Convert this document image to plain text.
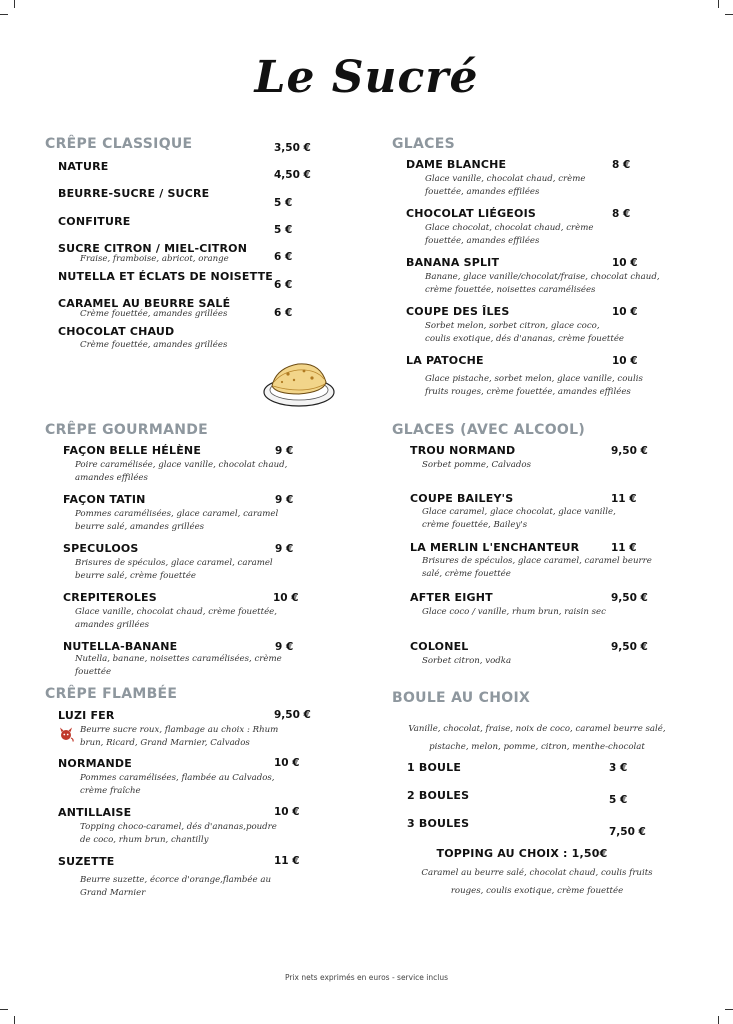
Le Sucré
CRÊPE CLASSIQUE
NATURE
3,50 €
BEURRE-SUCRE / SUCRE
4,50 €
CONFITURE
5 €
SUCRE CITRON / MIEL-CITRON
Fraise, framboise, abricot, orange
5 €
NUTELLA ET ÉCLATS DE NOISETTE
6 €
CARAMEL AU BEURRE SALÉ
Crème fouettée, amandes grillées
6 €
CHOCOLAT CHAUD
Crème fouettée, amandes grillées
6 €
CRÊPE GOURMANDE
FAÇON BELLE HÉLÈNE
Poire caramélisée, glace vanille, chocolat chaud, amandes effilées
9 €
FAÇON TATIN
Pommes caramélisées, glace caramel, caramel beurre salé, amandes grillées
9 €
SPECULOOS
Brisures de spéculos, glace caramel, caramel beurre salé, crème fouettée
9 €
CREPITEROLES
Glace vanille, chocolat chaud, crème fouettée, amandes grillées
10 €
NUTELLA-BANANE
Nutella, banane, noisettes caramélisées, crème fouettée
9 €
CRÊPE FLAMBÉE
LUZI FER
Beurre sucre roux, flambage au choix : Rhum brun, Ricard, Grand Marnier, Calvados
9,50 €
NORMANDE
Pommes caramélisées, flambée au Calvados, crème fraîche
10 €
ANTILLAISE
Topping choco-caramel, dés d'ananas,poudre de coco, rhum brun, chantilly
10 €
SUZETTE
Beurre suzette, écorce d'orange,flambée au Grand Marnier
11 €
GLACES
DAME BLANCHE
Glace vanille, chocolat chaud, crème fouettée, amandes effilées
8 €
CHOCOLAT LIÉGEOIS
Glace chocolat, chocolat chaud, crème fouettée, amandes effilées
8 €
BANANA SPLIT
Banane, glace vanille/chocolat/fraise, chocolat chaud, crème fouettée, noisettes caramélisées
10 €
COUPE DES ÎLES
Sorbet melon, sorbet citron, glace coco, coulis exotique, dés d'ananas, crème fouettée
10 €
LA PATOCHE
Glace pistache, sorbet melon, glace vanille, coulis fruits rouges, crème fouettée, amandes effilées
10 €
GLACES (AVEC ALCOOL)
TROU NORMAND
Sorbet pomme, Calvados
9,50 €
COUPE BAILEY'S
Glace caramel, glace chocolat, glace vanille, crème fouettée, Bailey's
11 €
LA MERLIN L'ENCHANTEUR
Brisures de spéculos, glace caramel, caramel beurre salé, crème fouettée
11 €
AFTER EIGHT
Glace coco / vanille, rhum brun, raisin sec
9,50 €
COLONEL
Sorbet citron, vodka
9,50 €
BOULE AU CHOIX
Vanille, chocolat, fraise, noix de coco, caramel beurre salé,
pistache, melon, pomme, citron, menthe-chocolat
1 BOULE	3 €
2 BOULES	5 €
3 BOULES
7,50 €
TOPPING AU CHOIX : 1,50€
Caramel au beurre salé, chocolat chaud, coulis fruits
rouges, coulis exotique, crème fouettée
Prix nets exprimés en euros - service inclus
